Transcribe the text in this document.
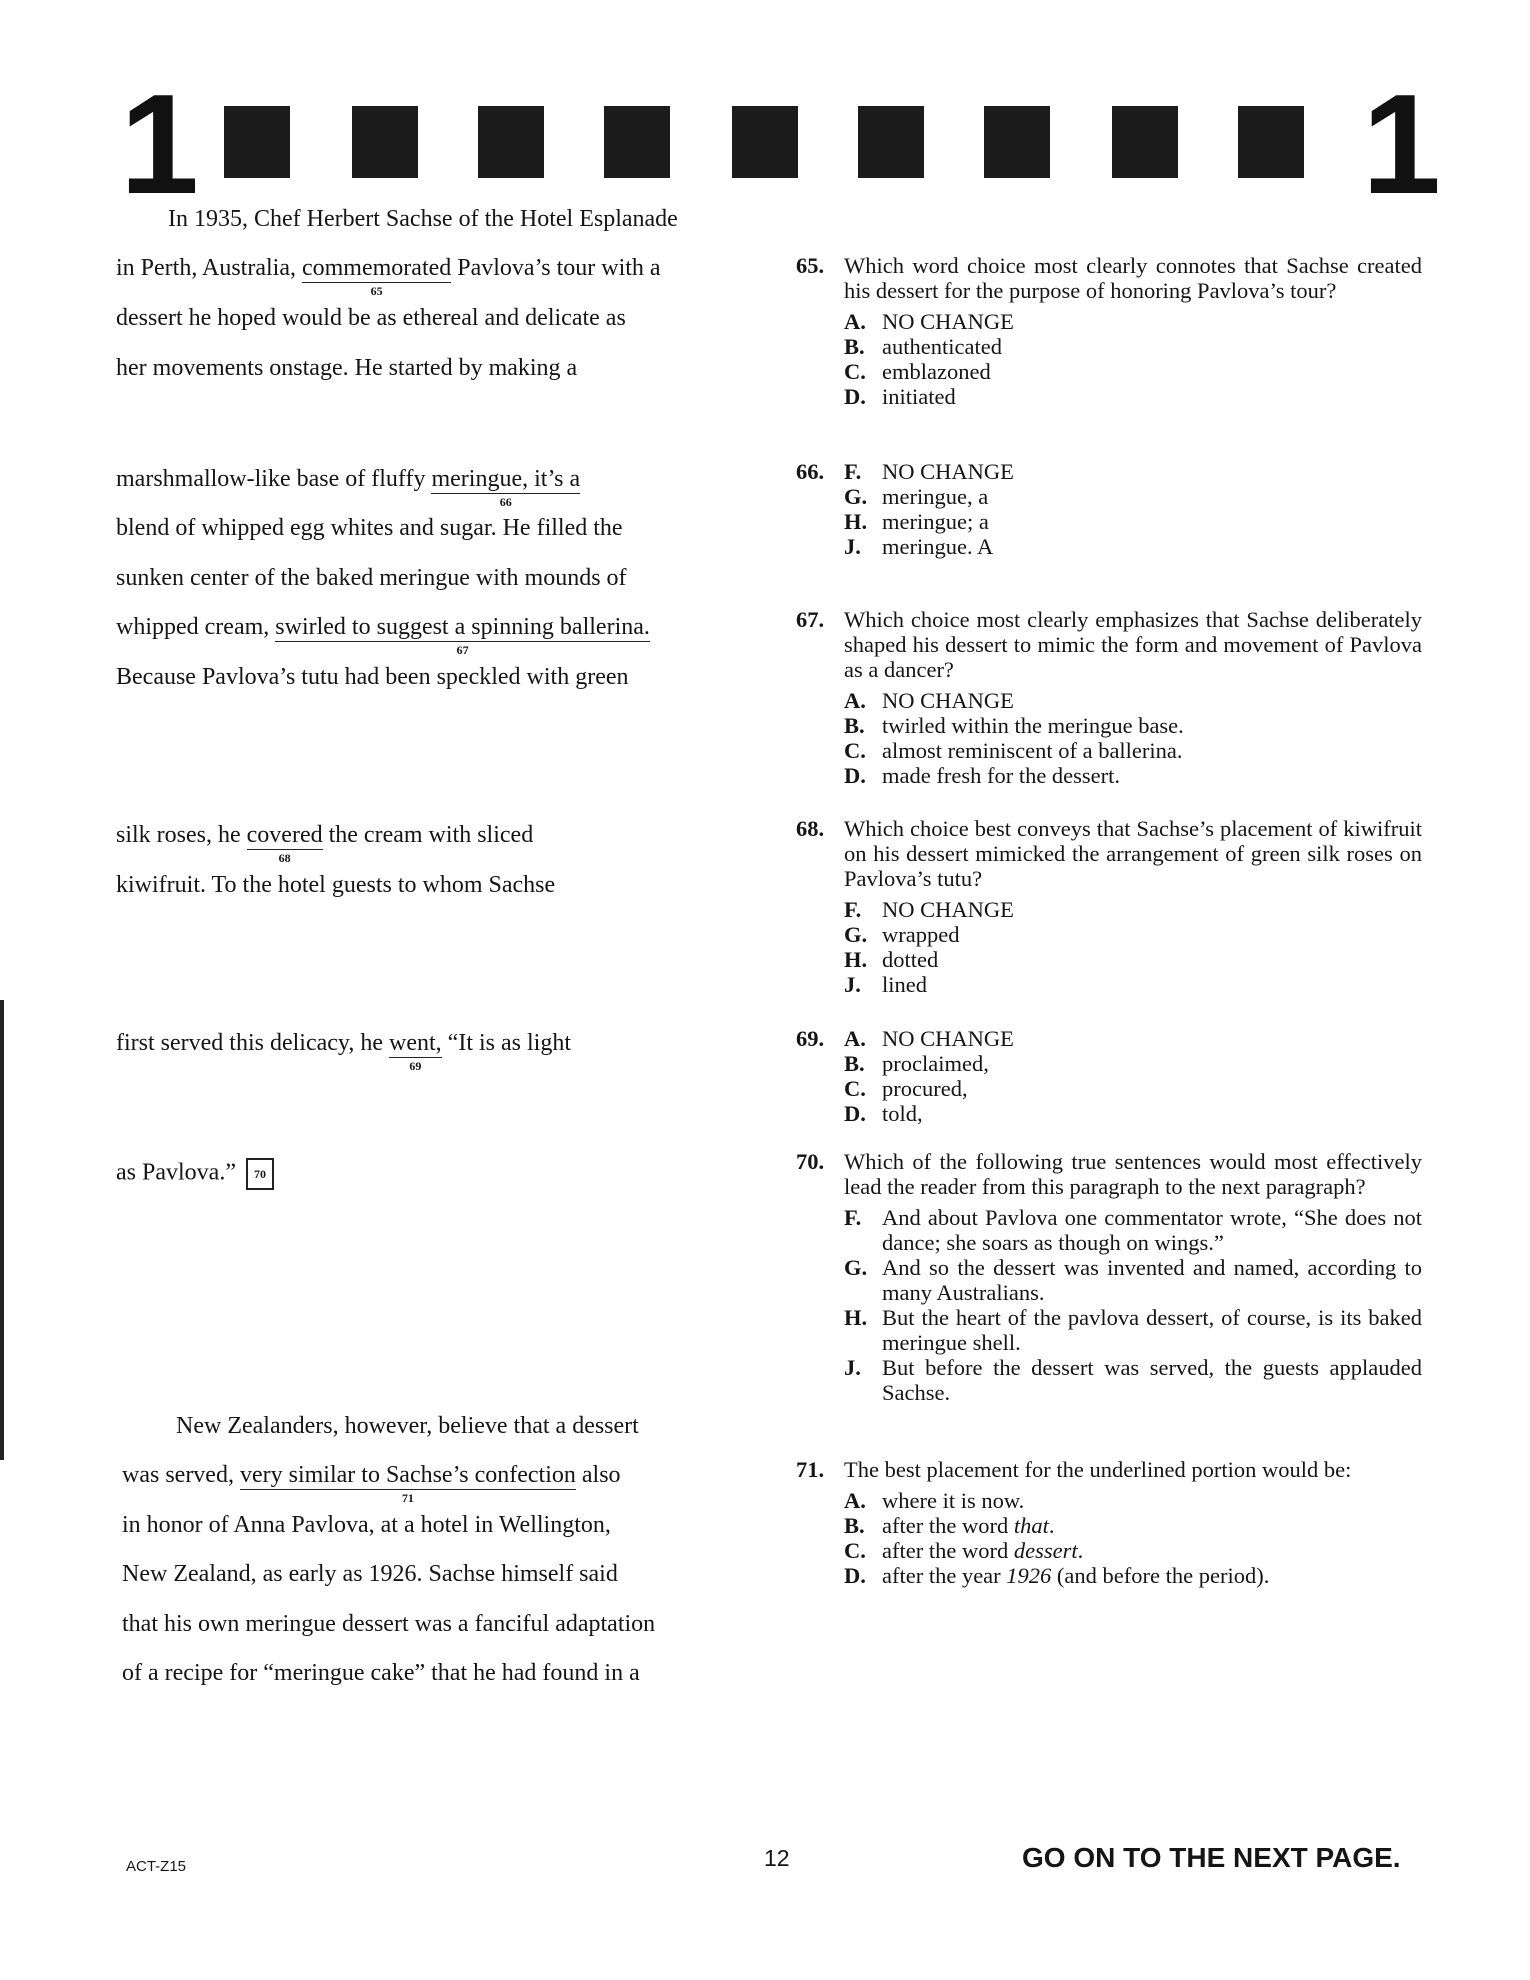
1	1
In 1935, Chef Herbert Sachse of the Hotel Esplanade
in Perth, Australia, commemorated
65
Pavlova’s tour with a
dessert he hoped would be as ethereal and delicate as
her movements onstage. He started by making a
marshmallow-like base of fluffy meringue, it’s a
66
blend of whipped egg whites and sugar. He filled the
sunken center of the baked meringue with mounds of
whipped cream, swirled to suggest a spinning ballerina.
67
Because Pavlova’s tutu had been speckled with green
silk roses, he covered
68
the cream with sliced
kiwifruit. To the hotel guests to whom Sachse
first served this delicacy, he went,
69
“It is as light
as Pavlova.” 70
New Zealanders, however, believe that a dessert
was served, very similar to Sachse’s confection
71
also
in honor of Anna Pavlova, at a hotel in Wellington,
New Zealand, as early as 1926. Sachse himself said
that his own meringue dessert was a fanciful adaptation
of a recipe for “meringue cake” that he had found in a
65. Which word choice most clearly connotes that Sachse created his dessert for the purpose of honoring Pavlova’s tour?
A. NO CHANGE
B. authenticated
C. emblazoned
D. initiated
66. F. NO CHANGE
G. meringue, a
H. meringue; a
J. meringue. A
67. Which choice most clearly emphasizes that Sachse deliberately shaped his dessert to mimic the form and movement of Pavlova as a dancer?
A. NO CHANGE
B. twirled within the meringue base.
C. almost reminiscent of a ballerina.
D. made fresh for the dessert.
68. Which choice best conveys that Sachse’s placement of kiwifruit on his dessert mimicked the arrangement of green silk roses on Pavlova’s tutu?
F. NO CHANGE
G. wrapped
H. dotted
J. lined
69. A. NO CHANGE
B. proclaimed,
C. procured,
D. told,
70. Which of the following true sentences would most effectively lead the reader from this paragraph to the next paragraph?
F. And about Pavlova one commentator wrote, “She does not dance; she soars as though on wings.”
G. And so the dessert was invented and named, according to many Australians.
H. But the heart of the pavlova dessert, of course, is its baked meringue shell.
J. But before the dessert was served, the guests applauded Sachse.
71. The best placement for the underlined portion would be:
A. where it is now.
B. after the word that.
C. after the word dessert.
D. after the year 1926 (and before the period).
ACT-Z15	12	GO ON TO THE NEXT PAGE.
